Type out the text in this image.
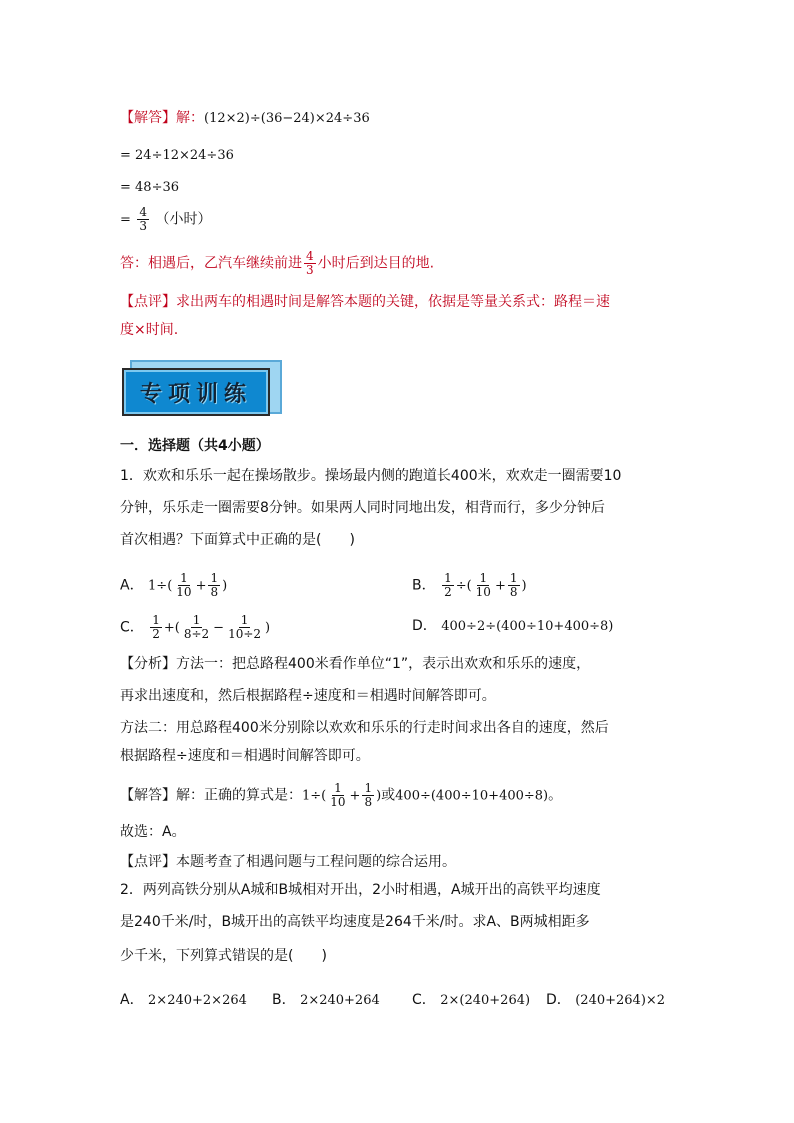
【解答】解：(12×2)÷(36−24)×24÷36
= 24÷12×24÷36
= 48÷36
= $\frac{4}{3}$ （小时）
答：相遇后，乙汽车继续前进 $\frac{4}{3}$ 小时后到达目的地.
【点评】求出两车的相遇时间是解答本题的关键，依据是等量关系式：路程＝速
度×时间.
专项训练
一．选择题（共4小题）
1．欢欢和乐乐一起在操场散步。操场最内侧的跑道长400米，欢欢走一圈需要10
分钟，乐乐走一圈需要8分钟。如果两人同时同地出发，相背而行，多少分钟后
首次相遇？下面算式中正确的是(　　)
A． $1\div( \frac{1}{10} + \frac{1}{8}$ )	B． $\frac{1}{2}$ ÷( $\frac{1}{10} + \frac{1}{8}$ )
C． $\frac{1}{2}$ +( $\frac{1}{8\div 2} - \frac{1}{10\div 2}$ )	D． 400÷2÷(400÷10+400÷8)
【分析】方法一：把总路程400米看作单位“1”，表示出欢欢和乐乐的速度，
再求出速度和，然后根据路程÷速度和＝相遇时间解答即可。
方法二：用总路程400米分别除以欢欢和乐乐的行走时间求出各自的速度，然后
根据路程÷速度和＝相遇时间解答即可。
【解答】解：正确的算式是：$1\div( \frac{1}{10} + \frac{1}{8}$ )或400÷(400÷10+400÷8)。
故选：A。
【点评】本题考查了相遇问题与工程问题的综合运用。
2．两列高铁分别从A城和B城相对开出，2小时相遇，A城开出的高铁平均速度
是240千米/时，B城开出的高铁平均速度是264千米/时。求A、B两城相距多
少千米，下列算式错误的是(　　)
A． 2×240+2×264 B． 2×240+264 C． 2×(240+264) D． (240+264)×2
